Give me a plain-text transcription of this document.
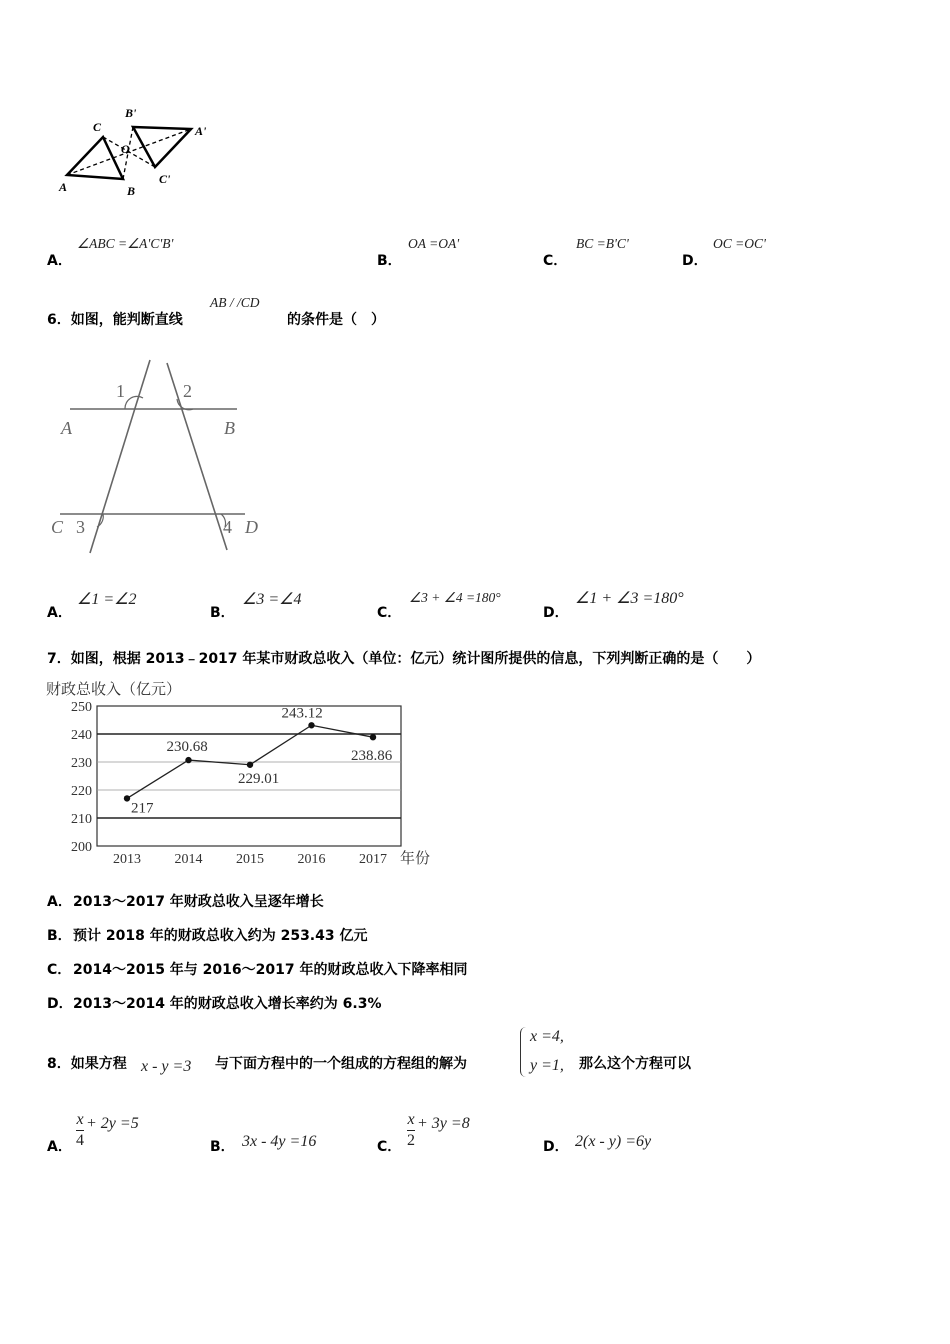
A	B
C
O
A'
B'
C'
A．
∠ABC =∠A'C'B'
B．
OA =OA'
C．
BC =B'C'
D．
OC =OC'
6．如图，能判断直线
AB / /CD
的条件是（　）
A	B
C	D
1	2
3	4
A．
∠1 =∠2
B．
∠3 =∠4
C．
∠3 + ∠4 =180°
D．
∠1 + ∠3 =180°
7．如图，根据 2013﹣2017 年某市财政总收入（单位：亿元）统计图所提供的信息，下列判断正确的是（　　）
财政总收入（亿元）
年份
200
210
220
230
240
250
2013 2014 2015 2016 2017
217
230.68
229.01
243.12
238.86
A． 2013～2017 年财政总收入呈逐年增长
B． 预计 2018 年的财政总收入约为 253.43 亿元
C． 2014～2015 年与 2016～2017 年的财政总收入下降率相同
D． 2013～2014 年的财政总收入增长率约为 6.3%
8．如果方程 x - y =3 与下面方程中的一个组成的方程组的解为
x =4,
y =1, 那么这个方程可以
A． $\frac{x}{4} + 2y =5$
B． 3x - 4y =16	C． $\frac{x}{2} + 3y =8$
D． 2(x - y) =6y
